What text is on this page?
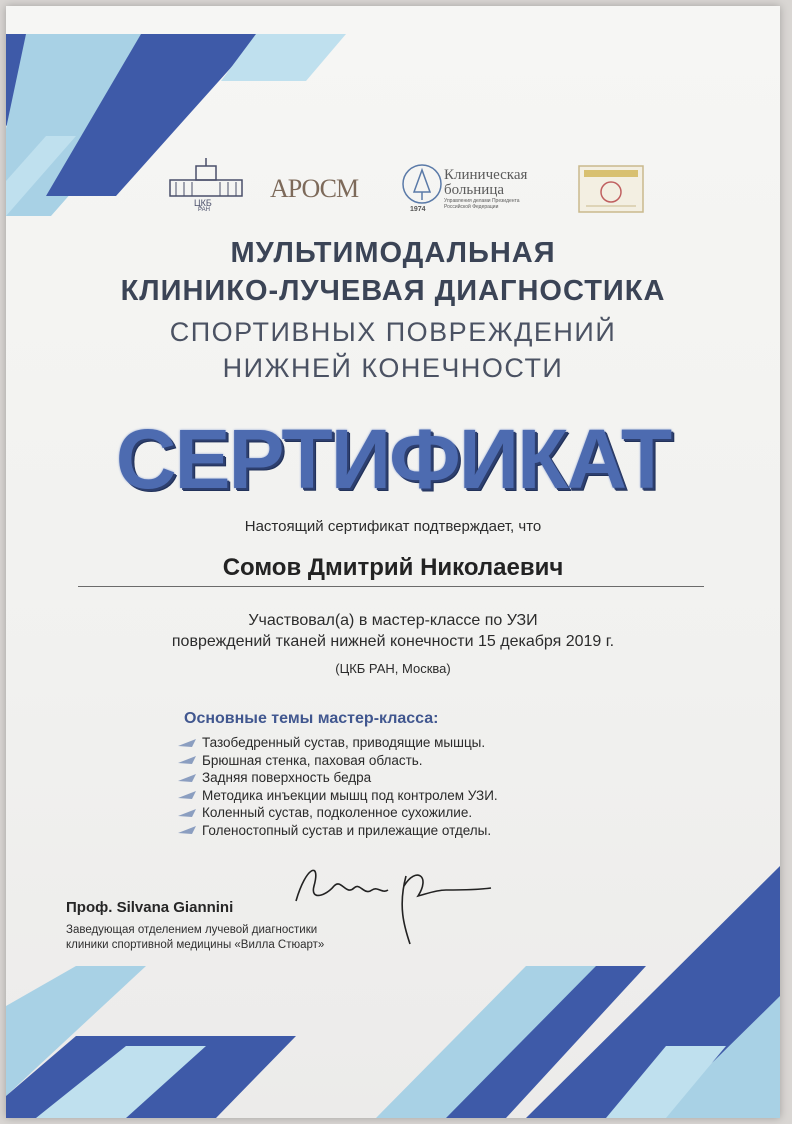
ЦКБ
РАН
AРОСМ
1974
Клиническая
больница
Управления делами Президента Российской Федерации
МУЛЬТИМОДАЛЬНАЯ
КЛИНИКО-ЛУЧЕВАЯ ДИАГНОСТИКА
СПОРТИВНЫХ ПОВРЕЖДЕНИЙ
НИЖНЕЙ КОНЕЧНОСТИ
СЕРТИФИКАТ
Настоящий сертификат подтверждает, что
Сомов Дмитрий Николаевич
Участвовал(а) в мастер-классе по УЗИ
повреждений тканей нижней конечности 15 декабря 2019 г.
(ЦКБ РАН, Москва)
Основные темы мастер-класса:
Тазобедренный сустав, приводящие мышцы.
Брюшная стенка, паховая область.
Задняя поверхность бедра
Методика инъекции мышц под контролем УЗИ.
Коленный сустав, подколенное сухожилие.
Голеностопный сустав и прилежащие отделы.
Проф. Silvana Giannini
Заведующая отделением лучевой диагностики
клиники спортивной медицины «Вилла Стюарт»
